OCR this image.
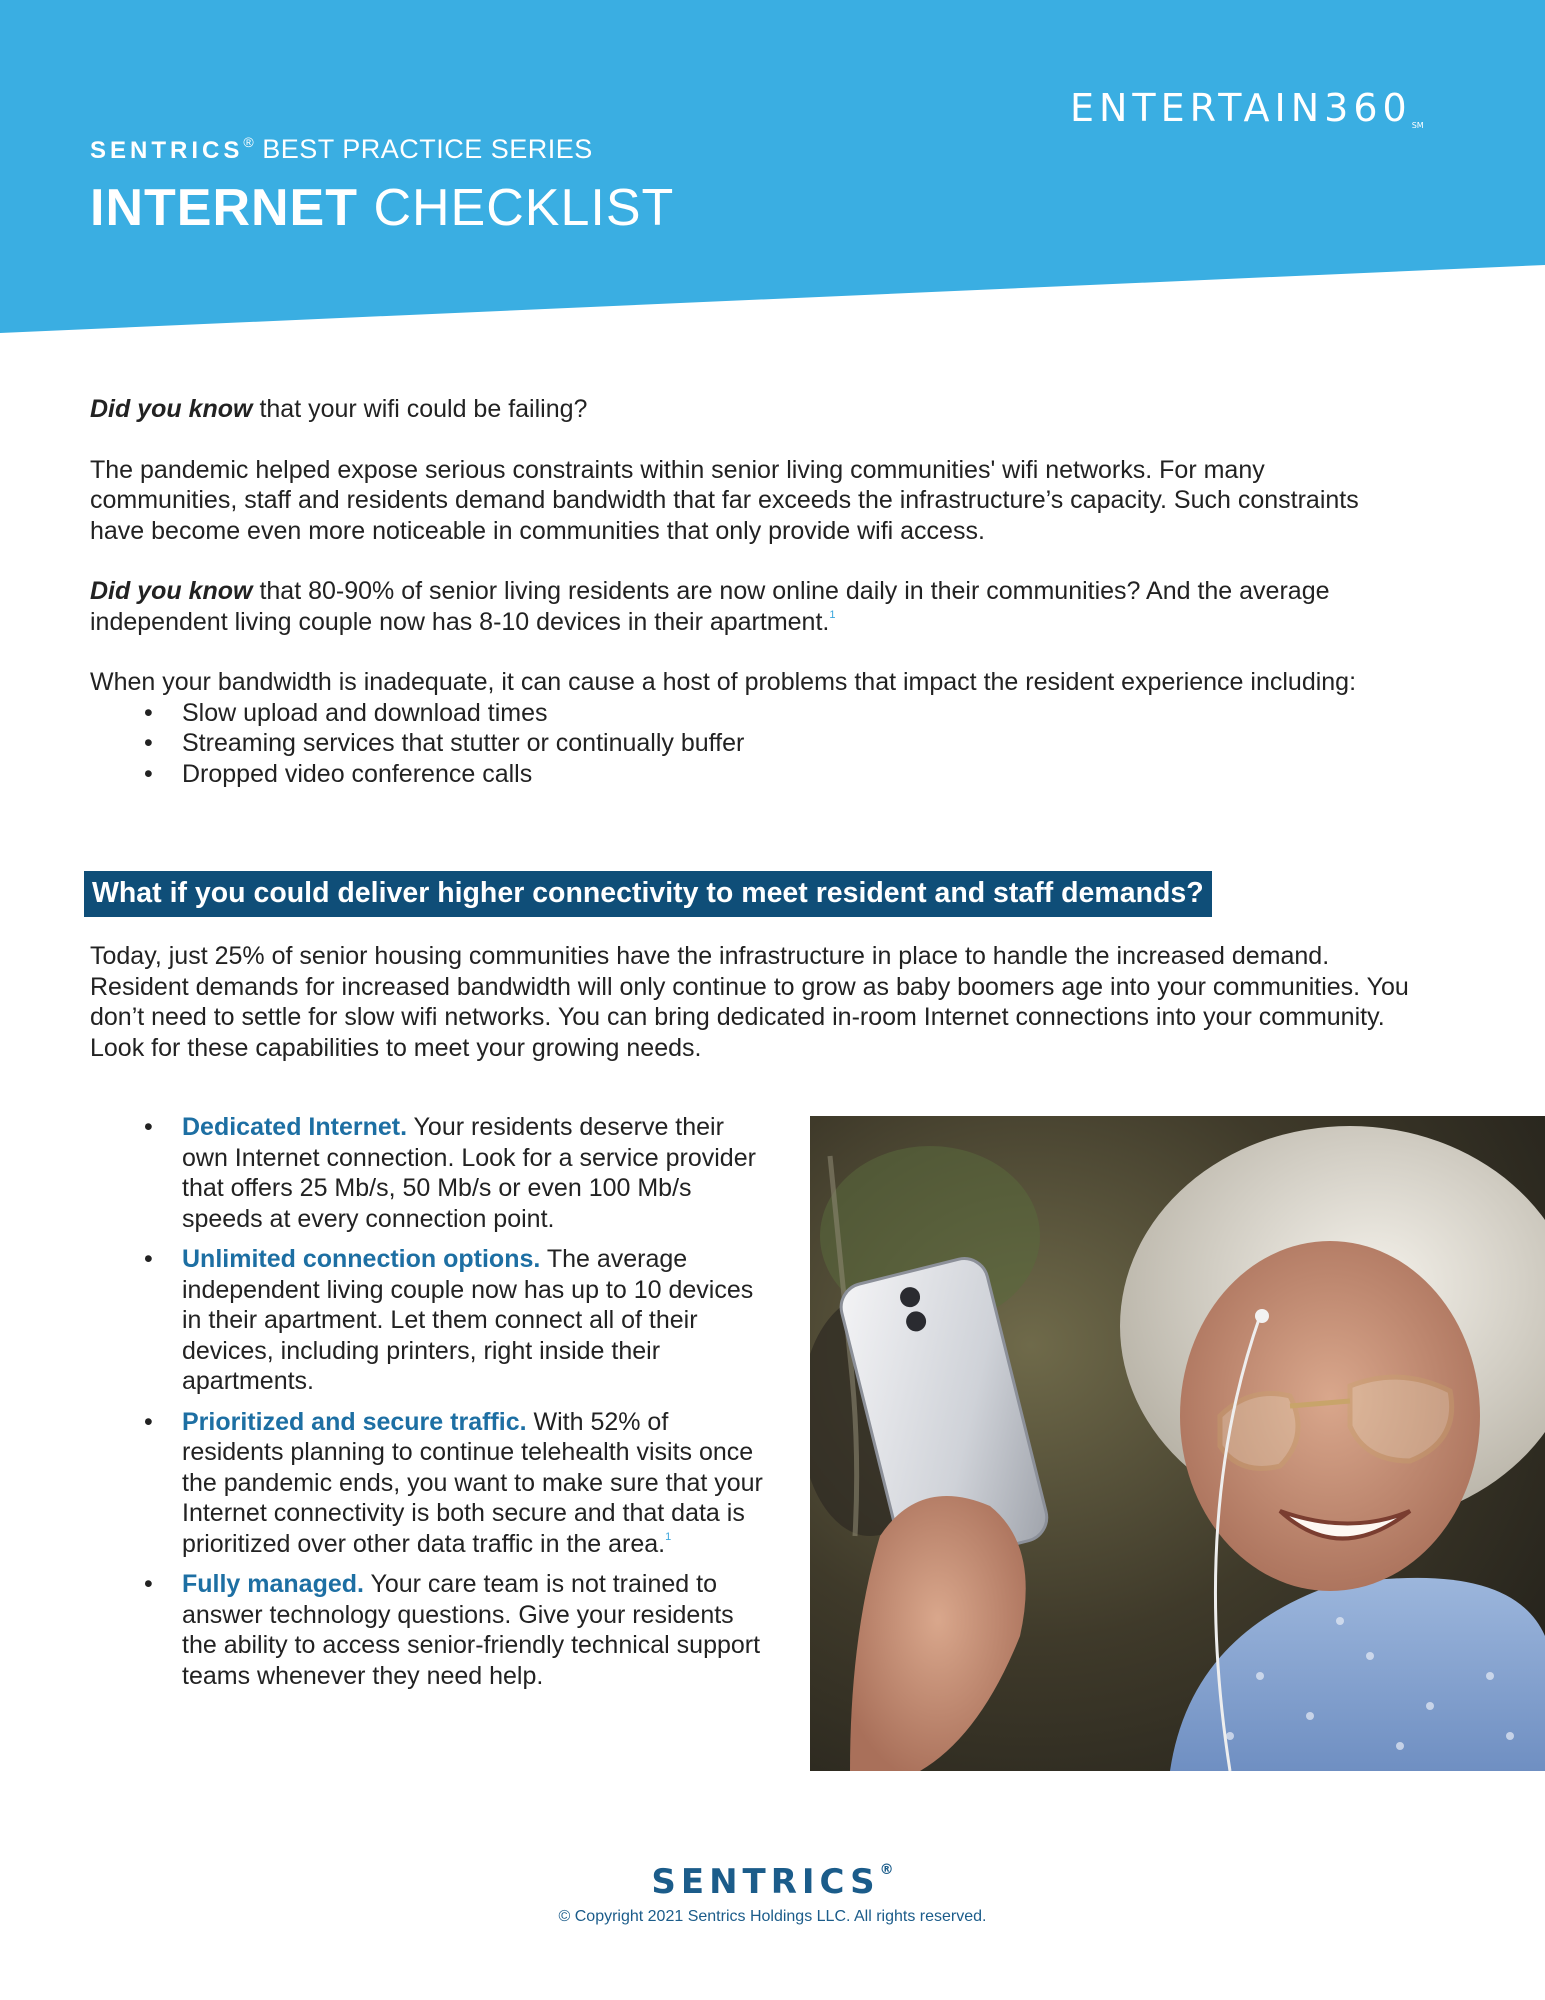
ENTERTAIN360SM
SENTRICS® BEST PRACTICE SERIES
INTERNET CHECKLIST

Did you know that your wifi could be failing?

The pandemic helped expose serious constraints within senior living communities' wifi networks. For many communities, staff and residents demand bandwidth that far exceeds the infrastructure’s capacity. Such constraints have become even more noticeable in communities that only provide wifi access.

Did you know that 80-90% of senior living residents are now online daily in their communities? And the average independent living couple now has 8-10 devices in their apartment.$^1$

When your bandwidth is inadequate, it can cause a host of problems that impact the resident experience including:

• Slow upload and download times
• Streaming services that stutter or continually buffer
• Dropped video conference calls
What if you could deliver higher connectivity to meet resident and staff demands?

Today, just 25% of senior housing communities have the infrastructure in place to handle the increased demand. Resident demands for increased bandwidth will only continue to grow as baby boomers age into your communities. You don’t need to settle for slow wifi networks. You can bring dedicated in-room Internet connections into your community. Look for these capabilities to meet your growing needs.

• Dedicated Internet. Your residents deserve their own Internet connection. Look for a service provider that offers 25 Mb/s, 50 Mb/s or even 100 Mb/s speeds at every connection point.
• Unlimited connection options. The average independent living couple now has up to 10 devices in their apartment. Let them connect all of their devices, including printers, right inside their apartments.
• Prioritized and secure traffic. With 52% of residents planning to continue telehealth visits once the pandemic ends, you want to make sure that your Internet connectivity is both secure and that data is prioritized over other data traffic in the area.$^1$
• Fully managed. Your care team is not trained to answer technology questions. Give your residents the ability to access senior-friendly technical support teams whenever they need help.
SENTRICS®
© Copyright 2021 Sentrics Holdings LLC. All rights reserved.
